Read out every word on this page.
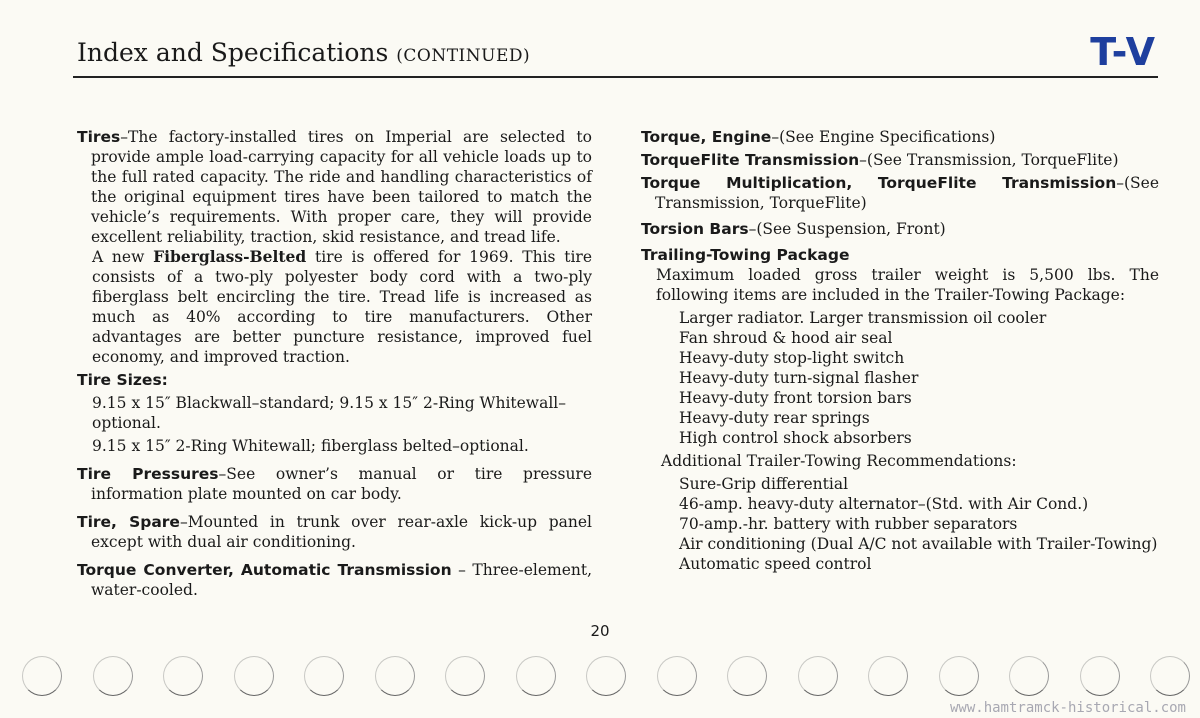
Index and Specifications (CONTINUED)	T-V

Tires–The factory-installed tires on Imperial are selected to provide ample load-carrying capacity for all vehicle loads up to the full rated capacity. The ride and handling characteristics of the original equipment tires have been tailored to match the vehicle’s requirements. With proper care, they will provide excellent reliability, traction, skid resistance, and tread life.

A new Fiberglass-Belted tire is offered for 1969. This tire consists of a two-ply polyester body cord with a two-ply fiberglass belt encircling the tire. Tread life is increased as much as 40% according to tire manufacturers. Other advantages are better puncture resistance, improved fuel economy, and improved traction.

Tire Sizes:

9.15 x 15″ Blackwall–standard; 9.15 x 15″ 2-Ring Whitewall–optional.

9.15 x 15″ 2-Ring Whitewall; fiberglass belted–optional.

Tire Pressures–See owner’s manual or tire pressure information plate mounted on car body.

Tire, Spare–Mounted in trunk over rear-axle kick-up panel except with dual air conditioning.

Torque Converter, Automatic Transmission – Three-element, water-cooled.

Torque, Engine–(See Engine Specifications)

TorqueFlite Transmission–(See Transmission, TorqueFlite)

Torque Multiplication, TorqueFlite Transmission–(See Transmission, TorqueFlite)

Torsion Bars–(See Suspension, Front)

Trailing-Towing Package

Maximum loaded gross trailer weight is 5,500 lbs. The following items are included in the Trailer-Towing Package:

Larger radiator. Larger transmission oil cooler
Fan shroud & hood air seal
Heavy-duty stop-light switch
Heavy-duty turn-signal flasher
Heavy-duty front torsion bars
Heavy-duty rear springs
High control shock absorbers

Additional Trailer-Towing Recommendations:

Sure-Grip differential
46-amp. heavy-duty alternator–(Std. with Air Cond.)
70-amp.-hr. battery with rubber separators
Air conditioning (Dual A/C not available with Trailer-Towing)
Automatic speed control
20
www.hamtramck-historical.com
